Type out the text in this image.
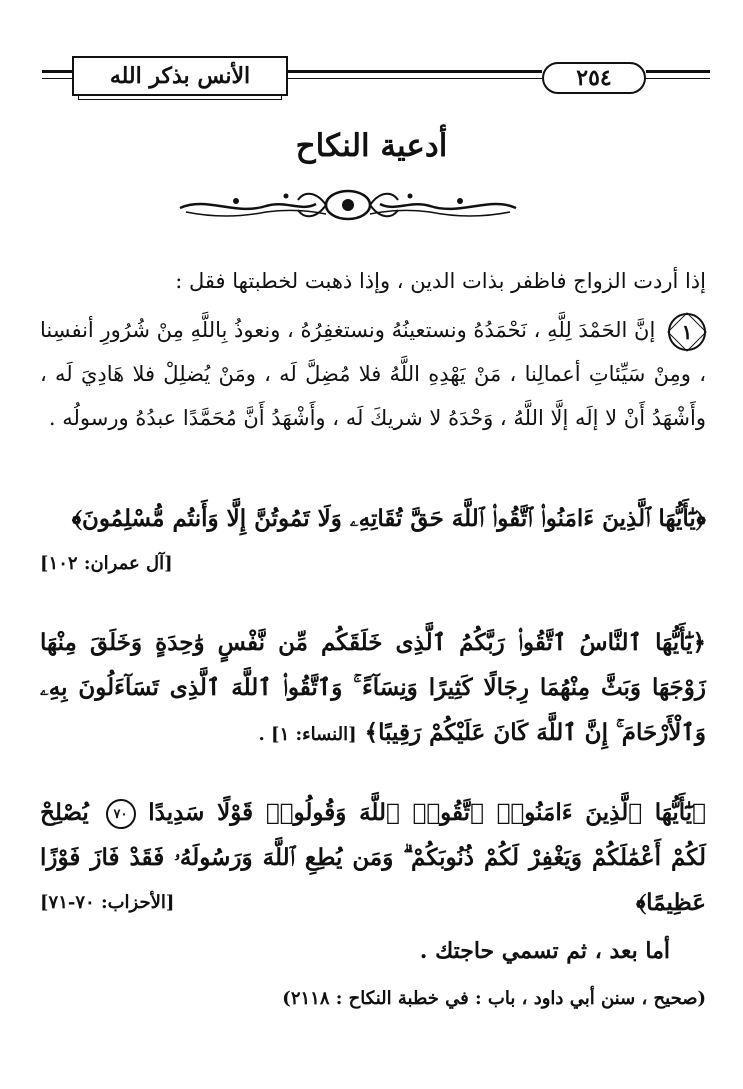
الأنس بذكر الله	٢٥٤
أدعية النكاح

إذا أردت الزواج فاظفر بذات الدين ، وإذا ذهبت لخطبتها فقل :

١
إنَّ الحَمْدَ لِلَّهِ ، نَحْمَدُهُ ونستعينُهُ ونستغفِرُهُ ، ونعوذُ بِاللَّهِ مِنْ شُرُورِ أنفسِنا ، ومِنْ سَيِّئاتِ أعمالِنا ، مَنْ يَهْدِهِ اللَّهُ فلا مُضِلَّ لَه ، ومَنْ يُضلِلْ فلا هَادِيَ لَه ، وأَشْهَدُ أَنْ لا إلَه إلَّا اللَّهُ ، وَحْدَهُ لا شريكَ لَه ، وأَشْهَدُ أَنَّ مُحَمَّدًا عبدُهُ ورسولُه .

﴿يَٰٓأَيُّهَا ٱلَّذِينَ ءَامَنُوا۟ ٱتَّقُوا۟ ٱللَّهَ حَقَّ تُقَاتِهِۦ وَلَا تَمُوتُنَّ إِلَّا وَأَنتُم مُّسْلِمُونَ﴾
[آل عمران: ١٠٢]

﴿يَٰٓأَيُّهَا ٱلنَّاسُ ٱتَّقُوا۟ رَبَّكُمُ ٱلَّذِى خَلَقَكُم مِّن نَّفْسٍ وَٰحِدَةٍ وَخَلَقَ مِنْهَا زَوْجَهَا وَبَثَّ مِنْهُمَا رِجَالًا كَثِيرًا وَنِسَآءً ۚ وَٱتَّقُوا۟ ٱللَّهَ ٱلَّذِى تَسَآءَلُونَ بِهِۦ وَٱلْأَرْحَامَ ۚ إِنَّ ٱللَّهَ كَانَ عَلَيْكُمْ رَقِيبًا﴾ [النساء: ١] .

﴿يَٰٓأَيُّهَا ٱلَّذِينَ ءَامَنُوا۟ ٱتَّقُوا۟ ٱللَّهَ وَقُولُوا۟ قَوْلًا سَدِيدًا ٧٠ يُصْلِحْ لَكُمْ أَعْمَٰلَكُمْ وَيَغْفِرْ لَكُمْ ذُنُوبَكُمْ ۗ وَمَن يُطِعِ ٱللَّهَ وَرَسُولَهُۥ فَقَدْ فَازَ فَوْزًا عَظِيمًا﴾
[الأحزاب: ٧٠-٧١]

أما بعد ، ثم تسمي حاجتك .
(صحيح ، سنن أبي داود ، باب : في خطبة النكاح : ٢١١٨)
